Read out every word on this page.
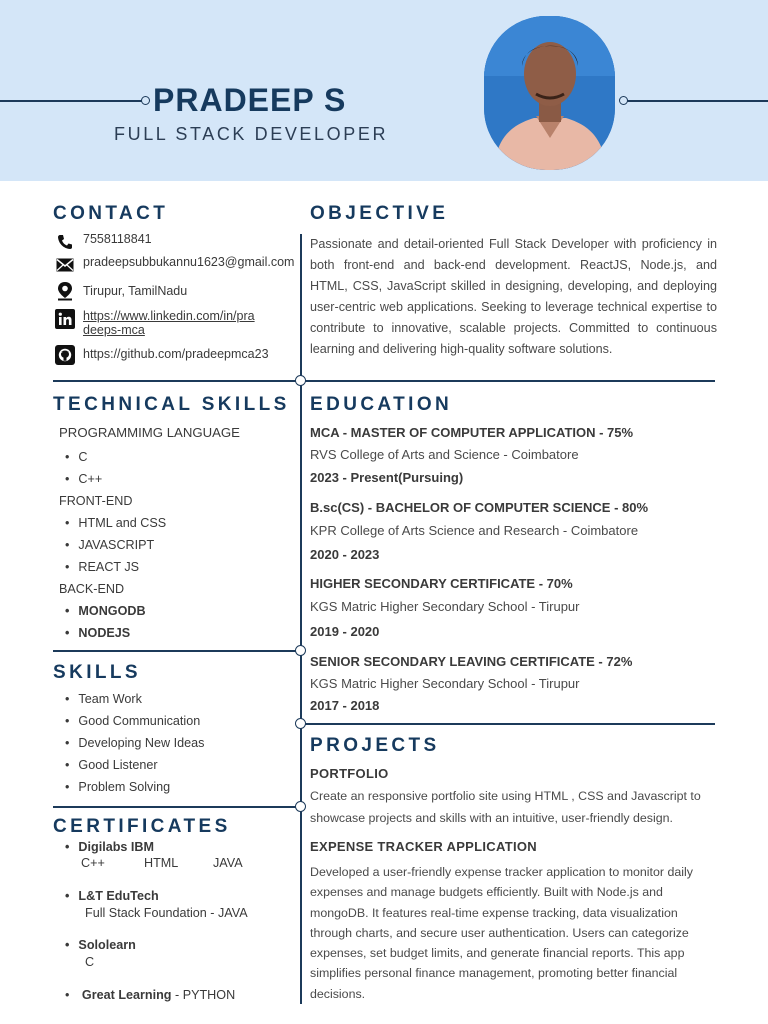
PRADEEP S
FULL STACK DEVELOPER
CONTACT
7558118841
pradeepsubbukannu1623@gmail.com
Tirupur, TamilNadu
https://www.linkedin.com/in/pra
deeps-mca
https://github.com/pradeepmca23
OBJECTIVE
Passionate and detail-oriented Full Stack Developer with proficiency in both front-end and back-end development. ReactJS, Node.js, and HTML, CSS, JavaScript skilled in designing, developing, and deploying user-centric web applications. Seeking to leverage technical expertise to contribute to innovative, scalable projects. Committed to continuous learning and delivering high-quality software solutions.
TECHNICAL SKILLS
PROGRAMMIMG LANGUAGE
• C
• C++
FRONT-END
• HTML and CSS
• JAVASCRIPT
• REACT JS
BACK-END
• MONGODB
• NODEJS
SKILLS
• Team Work
• Good Communication
• Developing New Ideas
• Good Listener
• Problem Solving
CERTIFICATES
• Digilabs IBM
C++	HTML	JAVA
• L&T EduTech
Full Stack Foundation - JAVA
• Sololearn
C
• Great Learning - PYTHON
EDUCATION
MCA - MASTER OF COMPUTER APPLICATION - 75%
RVS College of Arts and Science - Coimbatore
2023 - Present(Pursuing)
B.sc(CS) - BACHELOR OF COMPUTER SCIENCE - 80%
KPR College of Arts Science and Research - Coimbatore
2020 - 2023
HIGHER SECONDARY CERTIFICATE - 70%
KGS Matric Higher Secondary School - Tirupur
2019 - 2020
SENIOR SECONDARY LEAVING CERTIFICATE - 72%
KGS Matric Higher Secondary School - Tirupur
2017 - 2018
PROJECTS
PORTFOLIO
Create an responsive portfolio site using HTML , CSS and Javascript to showcase projects and skills with an intuitive, user-friendly design.
EXPENSE TRACKER APPLICATION
Developed a user-friendly expense tracker application to monitor daily expenses and manage budgets efficiently. Built with Node.js and mongoDB. It features real-time expense tracking, data visualization through charts, and secure user authentication. Users can categorize expenses, set budget limits, and generate financial reports. This app simplifies personal finance management, promoting better financial decisions.
